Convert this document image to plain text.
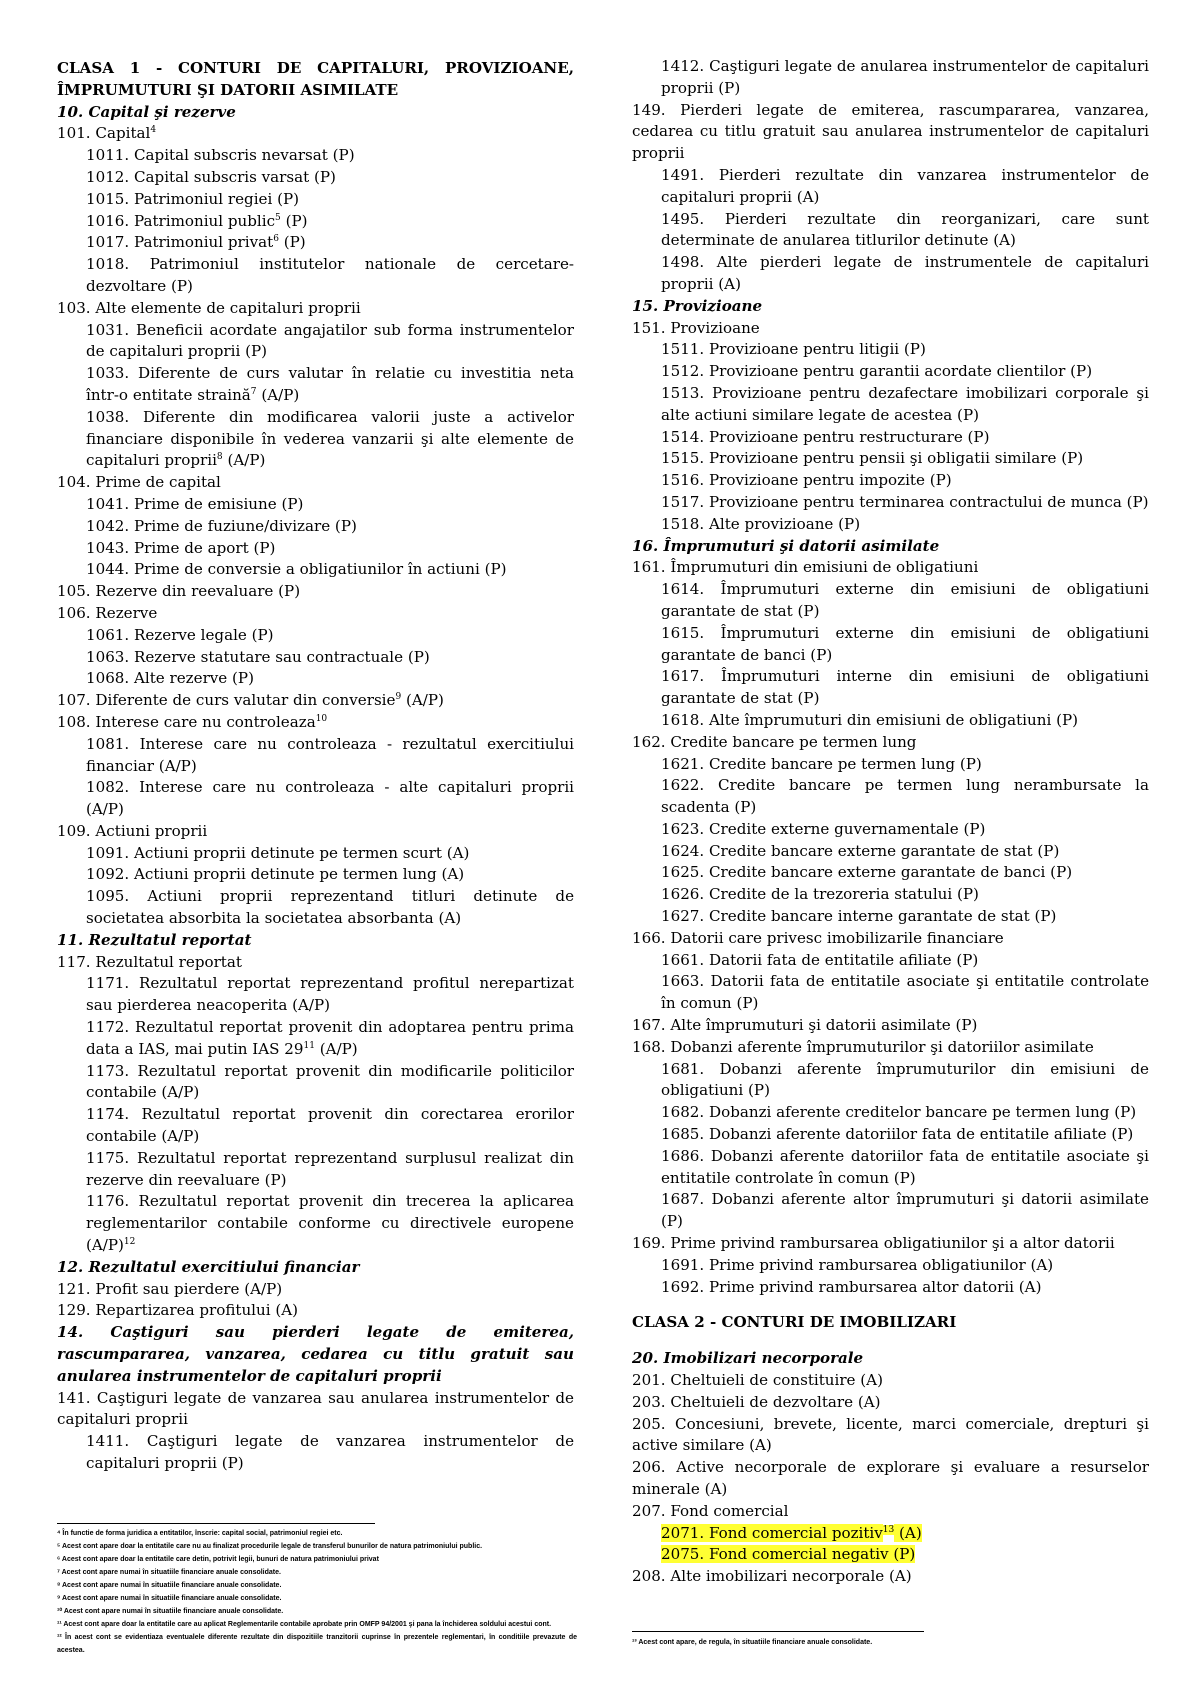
CLASA 1 - CONTURI DE CAPITALURI, PROVIZIOANE, ÎMPRUMUTURI ŞI DATORII ASIMILATE
10. Capital şi rezerve
101. Capital$^4$
1011. Capital subscris nevarsat (P)
1012. Capital subscris varsat (P)
1015. Patrimoniul regiei (P)
1016. Patrimoniul public$^5$ (P)
1017. Patrimoniul privat$^6$ (P)
1018. Patrimoniul institutelor nationale de cercetare-dezvoltare (P)
103. Alte elemente de capitaluri proprii
1031. Beneficii acordate angajatilor sub forma instrumentelor de capitaluri proprii (P)
1033. Diferente de curs valutar în relatie cu investitia neta într-o entitate straină$^7$ (A/P)
1038. Diferente din modificarea valorii juste a activelor financiare disponibile în vederea vanzarii şi alte elemente de capitaluri proprii$^8$ (A/P)
104. Prime de capital
1041. Prime de emisiune (P)
1042. Prime de fuziune/divizare (P)
1043. Prime de aport (P)
1044. Prime de conversie a obligatiunilor în actiuni (P)
105. Rezerve din reevaluare (P)
106. Rezerve
1061. Rezerve legale (P)
1063. Rezerve statutare sau contractuale (P)
1068. Alte rezerve (P)
107. Diferente de curs valutar din conversie$^9$ (A/P)
108. Interese care nu controleaza$^{10}$
1081. Interese care nu controleaza - rezultatul exercitiului financiar (A/P)
1082. Interese care nu controleaza - alte capitaluri proprii (A/P)
109. Actiuni proprii
1091. Actiuni proprii detinute pe termen scurt (A)
1092. Actiuni proprii detinute pe termen lung (A)
1095. Actiuni proprii reprezentand titluri detinute de societatea absorbita la societatea absorbanta (A)
11. Rezultatul reportat
117. Rezultatul reportat
1171. Rezultatul reportat reprezentand profitul nerepartizat sau pierderea neacoperita (A/P)
1172. Rezultatul reportat provenit din adoptarea pentru prima data a IAS, mai putin IAS $29^{11}$ (A/P)
1173. Rezultatul reportat provenit din modificarile politicilor contabile (A/P)
1174. Rezultatul reportat provenit din corectarea erorilor contabile (A/P)
1175. Rezultatul reportat reprezentand surplusul realizat din rezerve din reevaluare (P)
1176. Rezultatul reportat provenit din trecerea la aplicarea reglementarilor contabile conforme cu directivele europene $(A/P)^{12}$
12. Rezultatul exercitiului financiar
121. Profit sau pierdere (A/P)
129. Repartizarea profitului (A)
14. Caştiguri sau pierderi legate de emiterea, rascumpararea, vanzarea, cedarea cu titlu gratuit sau anularea instrumentelor de capitaluri proprii
141. Caştiguri legate de vanzarea sau anularea instrumentelor de capitaluri proprii
1411. Caştiguri legate de vanzarea instrumentelor de capitaluri proprii (P)
1412. Caştiguri legate de anularea instrumentelor de capitaluri proprii (P)
149. Pierderi legate de emiterea, rascumpararea, vanzarea, cedarea cu titlu gratuit sau anularea instrumentelor de capitaluri proprii
1491. Pierderi rezultate din vanzarea instrumentelor de capitaluri proprii (A)
1495. Pierderi rezultate din reorganizari, care sunt determinate de anularea titlurilor detinute (A)
1498. Alte pierderi legate de instrumentele de capitaluri proprii (A)
15. Provizioane
151. Provizioane
1511. Provizioane pentru litigii (P)
1512. Provizioane pentru garantii acordate clientilor (P)
1513. Provizioane pentru dezafectare imobilizari corporale şi alte actiuni similare legate de acestea (P)
1514. Provizioane pentru restructurare (P)
1515. Provizioane pentru pensii şi obligatii similare (P)
1516. Provizioane pentru impozite (P)
1517. Provizioane pentru terminarea contractului de munca (P)
1518. Alte provizioane (P)
16. Împrumuturi şi datorii asimilate
161. Împrumuturi din emisiuni de obligatiuni
1614. Împrumuturi externe din emisiuni de obligatiuni garantate de stat (P)
1615. Împrumuturi externe din emisiuni de obligatiuni garantate de banci (P)
1617. Împrumuturi interne din emisiuni de obligatiuni garantate de stat (P)
1618. Alte împrumuturi din emisiuni de obligatiuni (P)
162. Credite bancare pe termen lung
1621. Credite bancare pe termen lung (P)
1622. Credite bancare pe termen lung nerambursate la scadenta (P)
1623. Credite externe guvernamentale (P)
1624. Credite bancare externe garantate de stat (P)
1625. Credite bancare externe garantate de banci (P)
1626. Credite de la trezoreria statului (P)
1627. Credite bancare interne garantate de stat (P)
166. Datorii care privesc imobilizarile financiare
1661. Datorii fata de entitatile afiliate (P)
1663. Datorii fata de entitatile asociate şi entitatile controlate în comun (P)
167. Alte împrumuturi şi datorii asimilate (P)
168. Dobanzi aferente împrumuturilor şi datoriilor asimilate
1681. Dobanzi aferente împrumuturilor din emisiuni de obligatiuni (P)
1682. Dobanzi aferente creditelor bancare pe termen lung (P)
1685. Dobanzi aferente datoriilor fata de entitatile afiliate (P)
1686. Dobanzi aferente datoriilor fata de entitatile asociate şi entitatile controlate în comun (P)
1687. Dobanzi aferente altor împrumuturi şi datorii asimilate (P)
169. Prime privind rambursarea obligatiunilor şi a altor datorii
1691. Prime privind rambursarea obligatiunilor (A)
1692. Prime privind rambursarea altor datorii (A)
CLASA 2 - CONTURI DE IMOBILIZARI
20. Imobilizari necorporale
201. Cheltuieli de constituire (A)
203. Cheltuieli de dezvoltare (A)
205. Concesiuni, brevete, licente, marci comerciale, drepturi şi active similare (A)
206. Active necorporale de explorare şi evaluare a resurselor minerale (A)
207. Fond comercial
2071. Fond comercial pozitiv$^{13}$ (A)
2075. Fond comercial negativ (P)
208. Alte imobilizari necorporale (A)

⁴ În functie de forma juridica a entitatilor, înscrie: capital social, patrimoniul regiei etc.

⁵ Acest cont apare doar la entitatile care nu au finalizat procedurile legale de transferul bunurilor de natura patrimoniului public.

⁶ Acest cont apare doar la entitatile care detin, potrivit legii, bunuri de natura patrimoniului privat

⁷ Acest cont apare numai în situatiile financiare anuale consolidate.

⁸ Acest cont apare numai în situatiile financiare anuale consolidate.

⁹ Acest cont apare numai în situatiile financiare anuale consolidate.

¹⁰ Acest cont apare numai în situatiile financiare anuale consolidate.

¹¹ Acest cont apare doar la entitatile care au aplicat Reglementarile contabile aprobate prin OMFP 94/2001 şi pana la închiderea soldului acestui cont.

¹² În acest cont se evidentiaza eventualele diferente rezultate din dispozitiile tranzitorii cuprinse în prezentele reglementari, în conditiile prevazute de acestea.

¹³ Acest cont apare, de regula, în situatiile financiare anuale consolidate.
